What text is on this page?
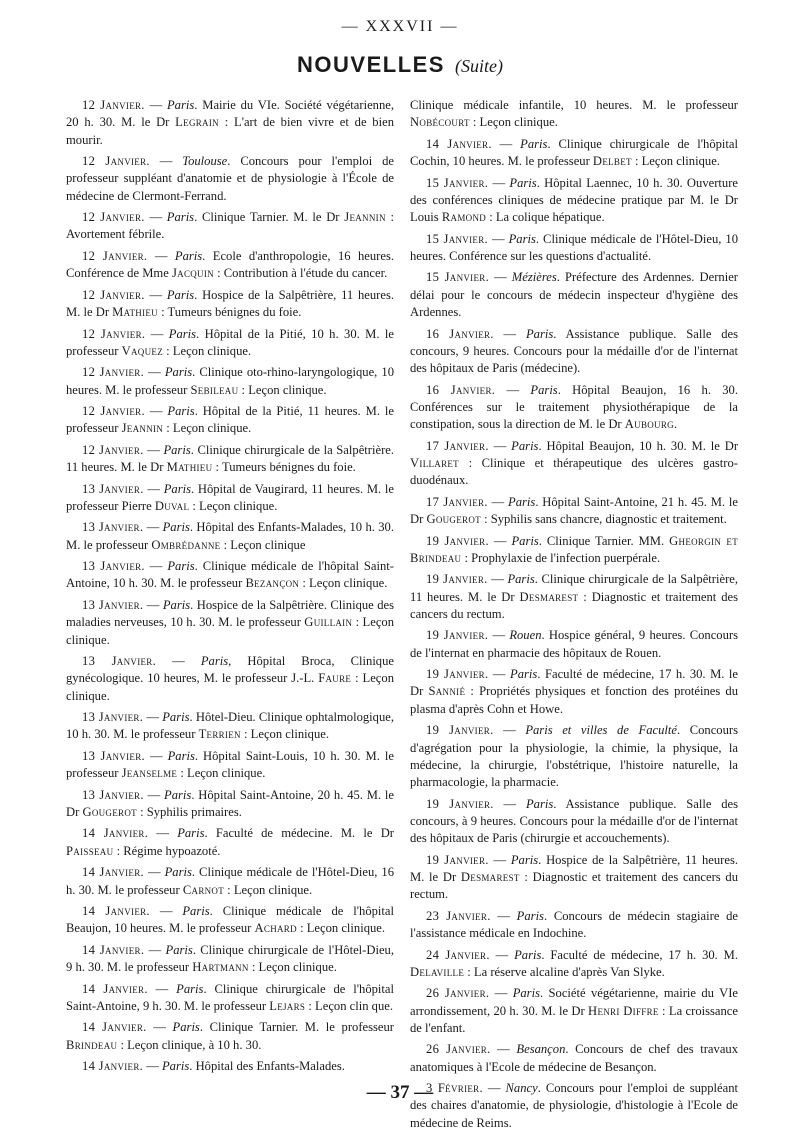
— XXXVII —
NOUVELLES (Suite)

12 Janvier. — Paris. Mairie du VIe. Société végétarienne, 20 h. 30. M. le Dr Legrain : L'art de bien vivre et de bien mourir.

12 Janvier. — Toulouse. Concours pour l'emploi de professeur suppléant d'anatomie et de physiologie à l'École de médecine de Clermont-Ferrand.

12 Janvier. — Paris. Clinique Tarnier. M. le Dr Jeannin : Avortement fébrile.

12 Janvier. — Paris. Ecole d'anthropologie, 16 heures. Conférence de Mme Jacquin : Contribution à l'étude du cancer.

12 Janvier. — Paris. Hospice de la Salpêtrière, 11 heures. M. le Dr Mathieu : Tumeurs bénignes du foie.

12 Janvier. — Paris. Hôpital de la Pitié, 10 h. 30. M. le professeur Vaquez : Leçon clinique.

12 Janvier. — Paris. Clinique oto-rhino-laryngologique, 10 heures. M. le professeur Sebileau : Leçon clinique.

12 Janvier. — Paris. Hôpital de la Pitié, 11 heures. M. le professeur Jeannin : Leçon clinique.

12 Janvier. — Paris. Clinique chirurgicale de la Salpêtrière. 11 heures. M. le Dr Mathieu : Tumeurs bénignes du foie.

13 Janvier. — Paris. Hôpital de Vaugirard, 11 heures. M. le professeur Pierre Duval : Leçon clinique.

13 Janvier. — Paris. Hôpital des Enfants-Malades, 10 h. 30. M. le professeur Ombrédanne : Leçon clinique

13 Janvier. — Paris. Clinique médicale de l'hôpital Saint-Antoine, 10 h. 30. M. le professeur Bezançon : Leçon clinique.

13 Janvier. — Paris. Hospice de la Salpêtrière. Clinique des maladies nerveuses, 10 h. 30. M. le professeur Guillain : Leçon clinique.

13 Janvier. — Paris, Hôpital Broca, Clinique gynécologique. 10 heures, M. le professeur J.-L. Faure : Leçon clinique.

13 Janvier. — Paris. Hôtel-Dieu. Clinique ophtalmologique, 10 h. 30. M. le professeur Terrien : Leçon clinique.

13 Janvier. — Paris. Hôpital Saint-Louis, 10 h. 30. M. le professeur Jeanselme : Leçon clinique.

13 Janvier. — Paris. Hôpital Saint-Antoine, 20 h. 45. M. le Dr Gougerot : Syphilis primaires.

14 Janvier. — Paris. Faculté de médecine. M. le Dr Paisseau : Régime hypoazoté.

14 Janvier. — Paris. Clinique médicale de l'Hôtel-Dieu, 16 h. 30. M. le professeur Carnot : Leçon clinique.

14 Janvier. — Paris. Clinique médicale de l'hôpital Beaujon, 10 heures. M. le professeur Achard : Leçon clinique.

14 Janvier. — Paris. Clinique chirurgicale de l'Hôtel-Dieu, 9 h. 30. M. le professeur Hartmann : Leçon clinique.

14 Janvier. — Paris. Clinique chirurgicale de l'hôpital Saint-Antoine, 9 h. 30. M. le professeur Lejars : Leçon clin que.

14 Janvier. — Paris. Clinique Tarnier. M. le professeur Brindeau : Leçon clinique, à 10 h. 30.

14 Janvier. — Paris. Hôpital des Enfants-Malades.

Clinique médicale infantile, 10 heures. M. le professeur Nobécourt : Leçon clinique.

14 Janvier. — Paris. Clinique chirurgicale de l'hôpital Cochin, 10 heures. M. le professeur Delbet : Leçon clinique.

15 Janvier. — Paris. Hôpital Laennec, 10 h. 30. Ouverture des conférences cliniques de médecine pratique par M. le Dr Louis Ramond : La colique hépatique.

15 Janvier. — Paris. Clinique médicale de l'Hôtel-Dieu, 10 heures. Conférence sur les questions d'actualité.

15 Janvier. — Mézières. Préfecture des Ardennes. Dernier délai pour le concours de médecin inspecteur d'hygiène des Ardennes.

16 Janvier. — Paris. Assistance publique. Salle des concours, 9 heures. Concours pour la médaille d'or de l'internat des hôpitaux de Paris (médecine).

16 Janvier. — Paris. Hôpital Beaujon, 16 h. 30. Conférences sur le traitement physiothérapique de la constipation, sous la direction de M. le Dr Aubourg.

17 Janvier. — Paris. Hôpital Beaujon, 10 h. 30. M. le Dr Villaret : Clinique et thérapeutique des ulcères gastro-duodénaux.

17 Janvier. — Paris. Hôpital Saint-Antoine, 21 h. 45. M. le Dr Gougerot : Syphilis sans chancre, diagnostic et traitement.

19 Janvier. — Paris. Clinique Tarnier. MM. Gheorgin et Brindeau : Prophylaxie de l'infection puerpérale.

19 Janvier. — Paris. Clinique chirurgicale de la Salpêtrière, 11 heures. M. le Dr Desmarest : Diagnostic et traitement des cancers du rectum.

19 Janvier. — Rouen. Hospice général, 9 heures. Concours de l'internat en pharmacie des hôpitaux de Rouen.

19 Janvier. — Paris. Faculté de médecine, 17 h. 30. M. le Dr Sannié : Propriétés physiques et fonction des protéines du plasma d'après Cohn et Howe.

19 Janvier. — Paris et villes de Faculté. Concours d'agrégation pour la physiologie, la chimie, la physique, la médecine, la chirurgie, l'obstétrique, l'histoire naturelle, la pharmacologie, la pharmacie.

19 Janvier. — Paris. Assistance publique. Salle des concours, à 9 heures. Concours pour la médaille d'or de l'internat des hôpitaux de Paris (chirurgie et accouchements).

19 Janvier. — Paris. Hospice de la Salpêtrière, 11 heures. M. le Dr Desmarest : Diagnostic et traitement des cancers du rectum.

23 Janvier. — Paris. Concours de médecin stagiaire de l'assistance médicale en Indochine.

24 Janvier. — Paris. Faculté de médecine, 17 h. 30. M. Delaville : La réserve alcaline d'après Van Slyke.

26 Janvier. — Paris. Société végétarienne, mairie du VIe arrondissement, 20 h. 30. M. le Dr Henri Diffre : La croissance de l'enfant.

26 Janvier. — Besançon. Concours de chef des travaux anatomiques à l'Ecole de médecine de Besançon.

3 Février. — Nancy. Concours pour l'emploi de suppléant des chaires d'anatomie, de physiologie, d'histologie à l'Ecole de médecine de Reims.

— 37 —
